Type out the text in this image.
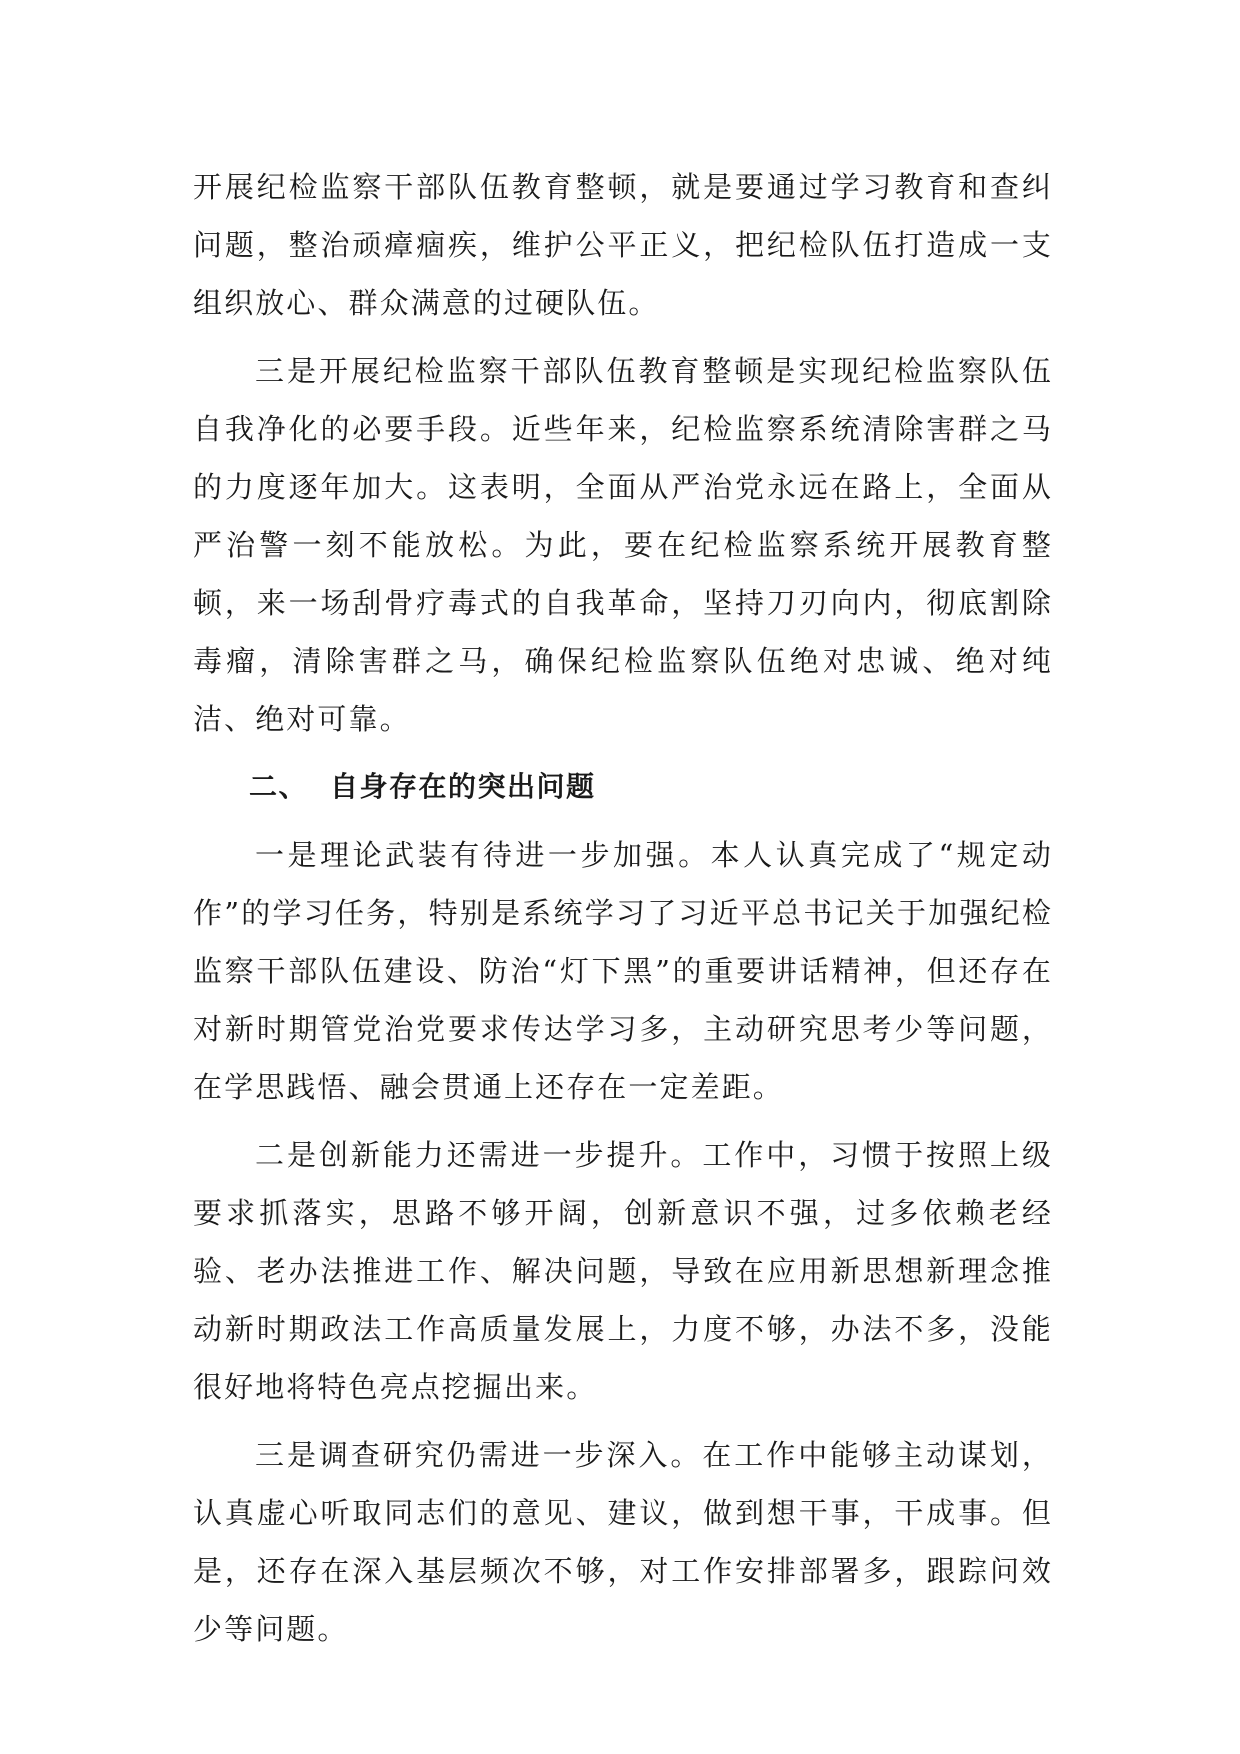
开展纪检监察干部队伍教育整顿，就是要通过学习教育和查纠问题，整治顽瘴痼疾，维护公平正义，把纪检队伍打造成一支组织放心、群众满意的过硬队伍。

三是开展纪检监察干部队伍教育整顿是实现纪检监察队伍自我净化的必要手段。近些年来，纪检监察系统清除害群之马的力度逐年加大。这表明，全面从严治党永远在路上，全面从严治警一刻不能放松。为此，要在纪检监察系统开展教育整顿，来一场刮骨疗毒式的自我革命，坚持刀刃向内，彻底割除毒瘤，清除害群之马，确保纪检监察队伍绝对忠诚、绝对纯洁、绝对可靠。

二、 自身存在的突出问题

一是理论武装有待进一步加强。本人认真完成了“规定动作”的学习任务，特别是系统学习了习近平总书记关于加强纪检监察干部队伍建设、防治“灯下黑”的重要讲话精神，但还存在对新时期管党治党要求传达学习多，主动研究思考少等问题，在学思践悟、融会贯通上还存在一定差距。

二是创新能力还需进一步提升。工作中，习惯于按照上级要求抓落实，思路不够开阔，创新意识不强，过多依赖老经验、老办法推进工作、解决问题，导致在应用新思想新理念推动新时期政法工作高质量发展上，力度不够，办法不多，没能很好地将特色亮点挖掘出来。

三是调查研究仍需进一步深入。在工作中能够主动谋划，认真虚心听取同志们的意见、建议，做到想干事，干成事。但是，还存在深入基层频次不够，对工作安排部署多，跟踪问效少等问题。
